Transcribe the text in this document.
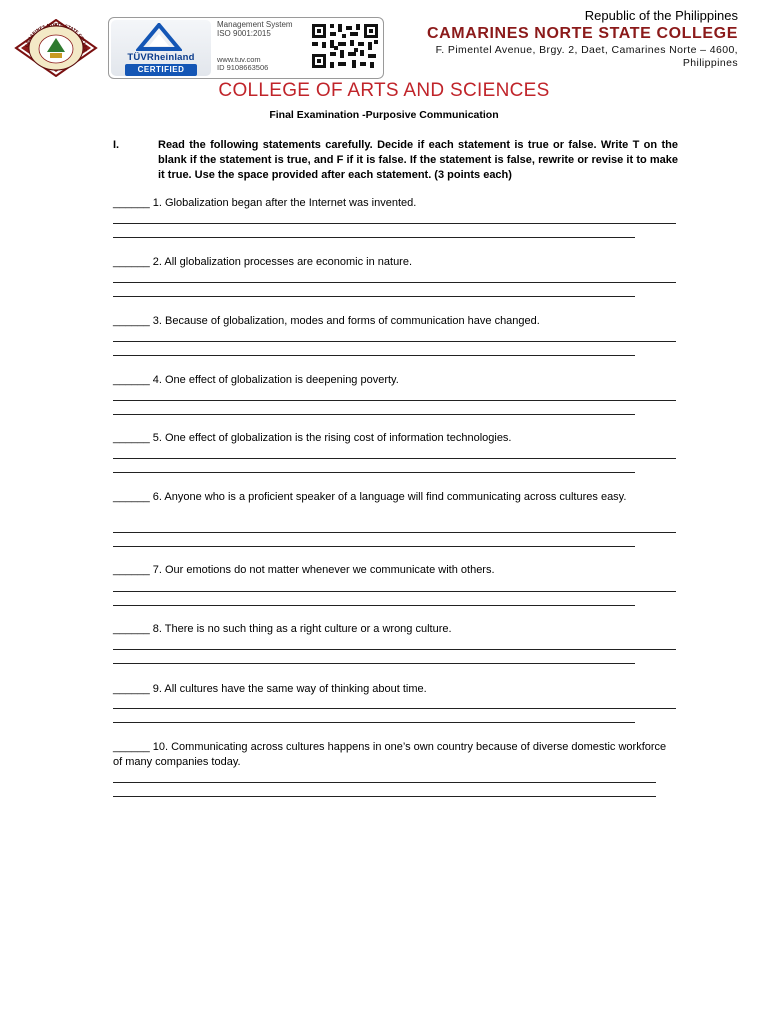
CAMARINES NORTE STATE COLLEG
TÜVRheinland
CERTIFIED
Management System
ISO 9001:2015
www.tuv.com
ID 9108663506
Republic of the Philippines
CAMARINES NORTE STATE COLLEGE
F. Pimentel Avenue, Brgy. 2, Daet, Camarines Norte – 4600, Philippines
COLLEGE OF ARTS AND SCIENCES
Final Examination -Purposive Communication
I.	Read the following statements carefully. Decide if each statement is true or false. Write T on the blank if the statement is true, and F if it is false. If the statement is false, rewrite or revise it to make it true. Use the space provided after each statement. (3 points each)
______ 1. Globalization began after the Internet was invented.
______ 2. All globalization processes are economic in nature.
______ 3. Because of globalization, modes and forms of communication have changed.
______ 4. One effect of globalization is deepening poverty.
______ 5. One effect of globalization is the rising cost of information technologies.
______ 6. Anyone who is a proficient speaker of a language will find communicating across cultures easy.
______ 7. Our emotions do not matter whenever we communicate with others.
______ 8. There is no such thing as a right culture or a wrong culture.
______ 9. All cultures have the same way of thinking about time.
______ 10. Communicating across cultures happens in one’s own country because of diverse domestic workforce of many companies today.
